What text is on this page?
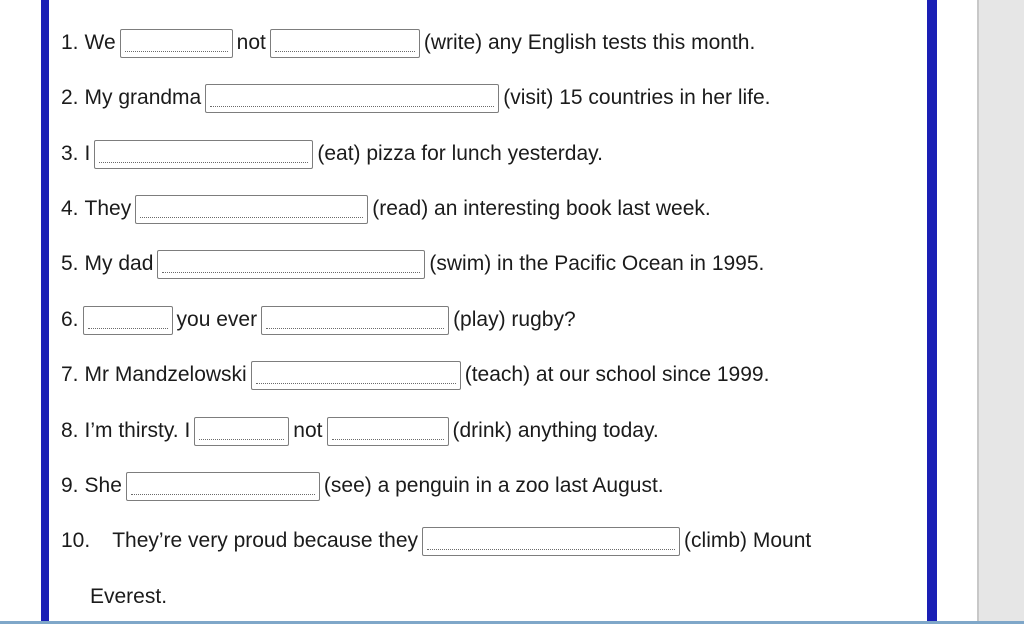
1. We	not	(write) any English tests this month.
2. My grandma	(visit) 15 countries in her life.
3. I	(eat) pizza for lunch yesterday.
4. They	(read) an interesting book last week.
5. My dad	(swim) in the Pacific Ocean in 1995.
6.	you ever	(play) rugby?
7. Mr Mandzelowski	(teach) at our school since 1999.
8. I’m thirsty. I	not	(drink) anything today.
9. She	(see) a penguin in a zoo last August.
10. They’re very proud because they	(climb) Mount
Everest.
